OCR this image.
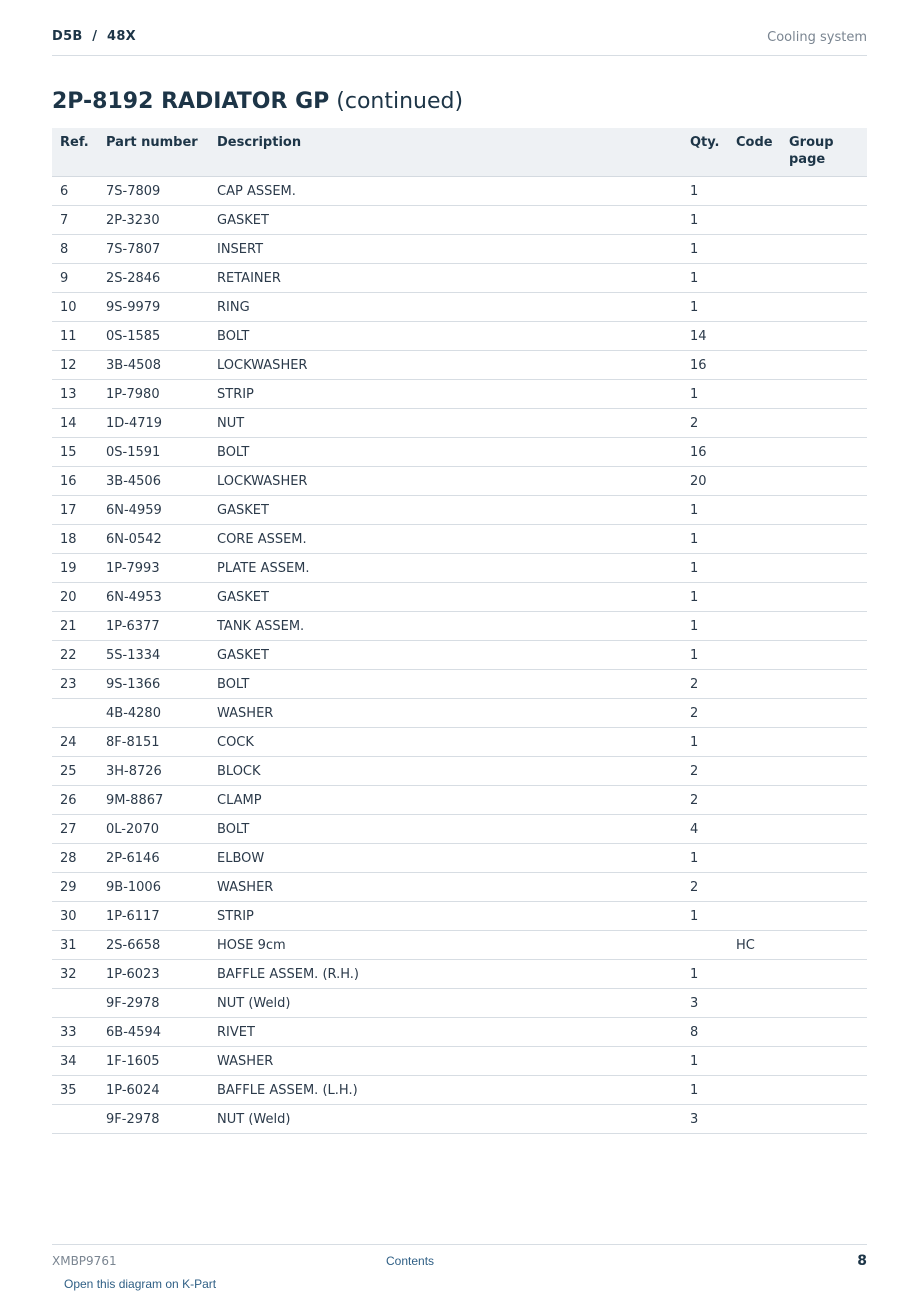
D5B  /  48X	Cooling system
2P-8192 RADIATOR GP (continued)
Ref.	Part number	Description	Qty.	Code	Group page
6	7S-7809	CAP ASSEM.	1		
7	2P-3230	GASKET	1		
8	7S-7807	INSERT	1		
9	2S-2846	RETAINER	1		
10	9S-9979	RING	1		
11	0S-1585	BOLT	14		
12	3B-4508	LOCKWASHER	16		
13	1P-7980	STRIP	1		
14	1D-4719	NUT	2		
15	0S-1591	BOLT	16		
16	3B-4506	LOCKWASHER	20		
17	6N-4959	GASKET	1		
18	6N-0542	CORE ASSEM.	1		
19	1P-7993	PLATE ASSEM.	1		
20	6N-4953	GASKET	1		
21	1P-6377	TANK ASSEM.	1		
22	5S-1334	GASKET	1		
23	9S-1366	BOLT	2		
	4B-4280	WASHER	2		
24	8F-8151	COCK	1		
25	3H-8726	BLOCK	2		
26	9M-8867	CLAMP	2		
27	0L-2070	BOLT	4		
28	2P-6146	ELBOW	1		
29	9B-1006	WASHER	2		
30	1P-6117	STRIP	1		
31	2S-6658	HOSE 9cm		HC	
32	1P-6023	BAFFLE ASSEM. (R.H.)	1		
	9F-2978	NUT (Weld)	3		
33	6B-4594	RIVET	8		
34	1F-1605	WASHER	1		
35	1P-6024	BAFFLE ASSEM. (L.H.)	1		
	9F-2978	NUT (Weld)	3		
XMBP9761	Contents	8
Open this diagram on K-Part
